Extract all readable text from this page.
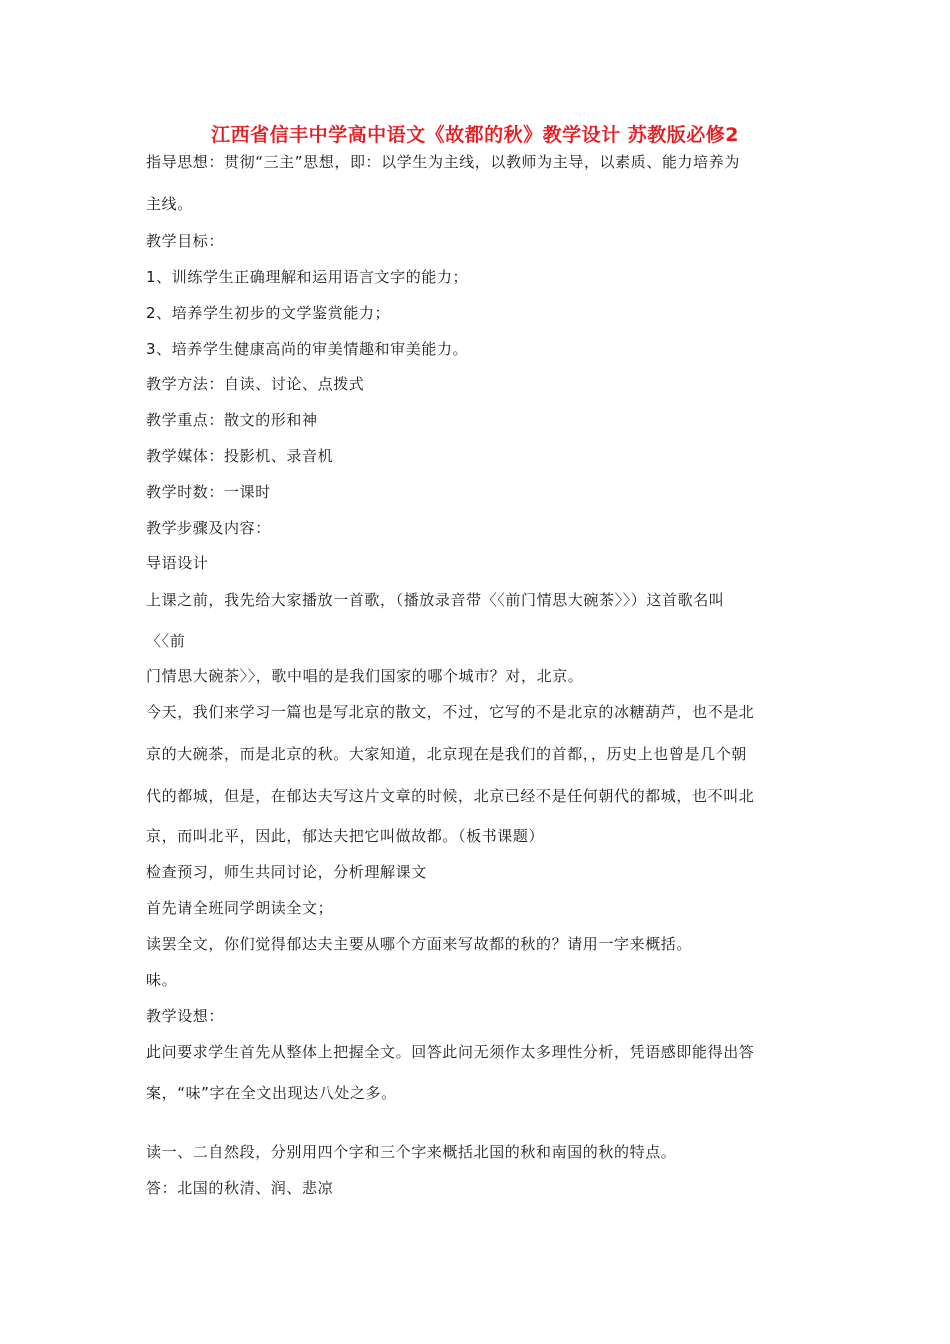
江西省信丰中学高中语文《故都的秋》教学设计 苏教版必修2
指导思想：贯彻“三主”思想，即：以学生为主线，以教师为主导，以素质、能力培养为
主线。
教学目标：
1、训练学生正确理解和运用语言文字的能力；
2、培养学生初步的文学鉴赏能力；
3、培养学生健康高尚的审美情趣和审美能力。
教学方法：自读、讨论、点拨式
教学重点：散文的形和神
教学媒体：投影机、录音机
教学时数：一课时
教学步骤及内容：
导语设计
上课之前，我先给大家播放一首歌，（播放录音带〈〈前门情思大碗茶〉〉）这首歌名叫
〈〈前
门情思大碗茶〉〉，歌中唱的是我们国家的哪个城市？对，北京。
今天，我们来学习一篇也是写北京的散文，不过，它写的不是北京的冰糖葫芦，也不是北
京的大碗茶，而是北京的秋。大家知道，北京现在是我们的首都，，历史上也曾是几个朝
代的都城，但是，在郁达夫写这片文章的时候，北京已经不是任何朝代的都城，也不叫北
京，而叫北平，因此，郁达夫把它叫做故都。（板书课题）
检查预习，师生共同讨论，分析理解课文
首先请全班同学朗读全文；
读罢全文，你们觉得郁达夫主要从哪个方面来写故都的秋的？请用一字来概括。
味。
教学设想：
此问要求学生首先从整体上把握全文。回答此问无须作太多理性分析，凭语感即能得出答
案，“味”字在全文出现达八处之多。
读一、二自然段，分别用四个字和三个字来概括北国的秋和南国的秋的特点。
答：北国的秋清、润、悲凉
